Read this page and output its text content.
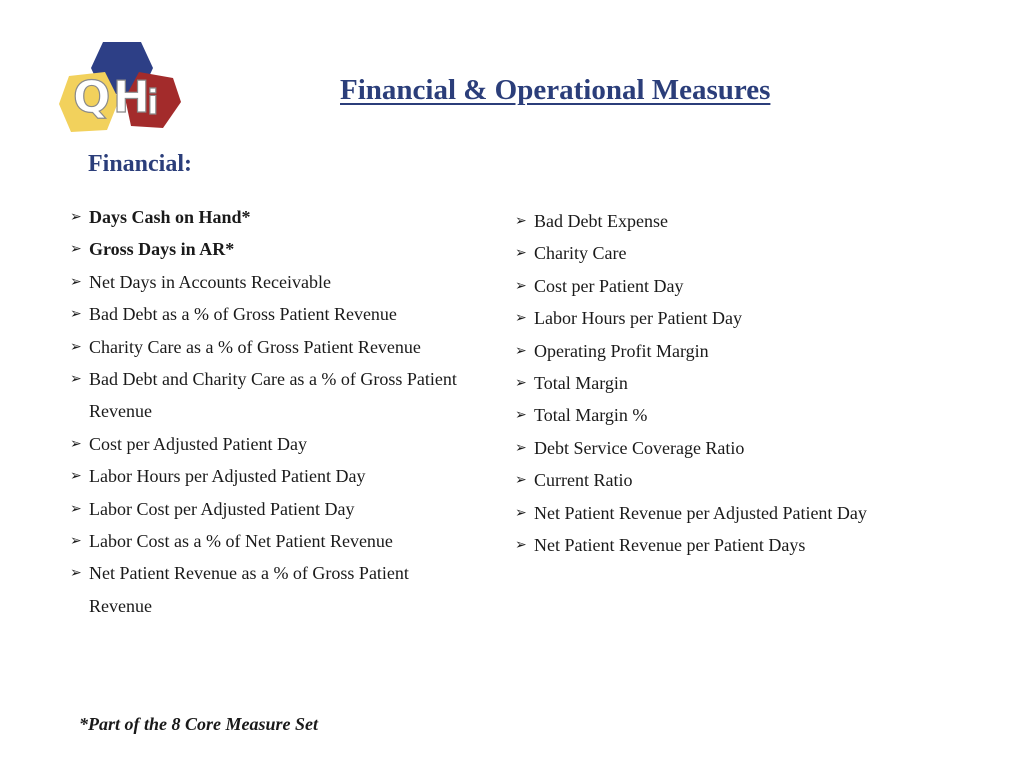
Q H
i	Financial & Operational Measures
Financial:
➢ Days Cash on Hand*
➢ Gross Days in AR*
➢ Net Days in Accounts Receivable
➢ Bad Debt as a % of Gross Patient Revenue
➢ Charity Care as a % of Gross Patient Revenue
➢ Bad Debt and Charity Care as a % of Gross Patient Revenue
➢ Cost per Adjusted Patient Day
➢ Labor Hours per Adjusted Patient Day
➢ Labor Cost per Adjusted Patient Day
➢ Labor Cost as a % of Net Patient Revenue
➢ Net Patient Revenue as a % of Gross Patient Revenue
➢ Bad Debt Expense
➢ Charity Care
➢ Cost per Patient Day
➢ Labor Hours per Patient Day
➢ Operating Profit Margin
➢ Total Margin
➢ Total Margin %
➢ Debt Service Coverage Ratio
➢ Current Ratio
➢ Net Patient Revenue per Adjusted Patient Day
➢ Net Patient Revenue per Patient Days

*Part of the 8 Core Measure Set
